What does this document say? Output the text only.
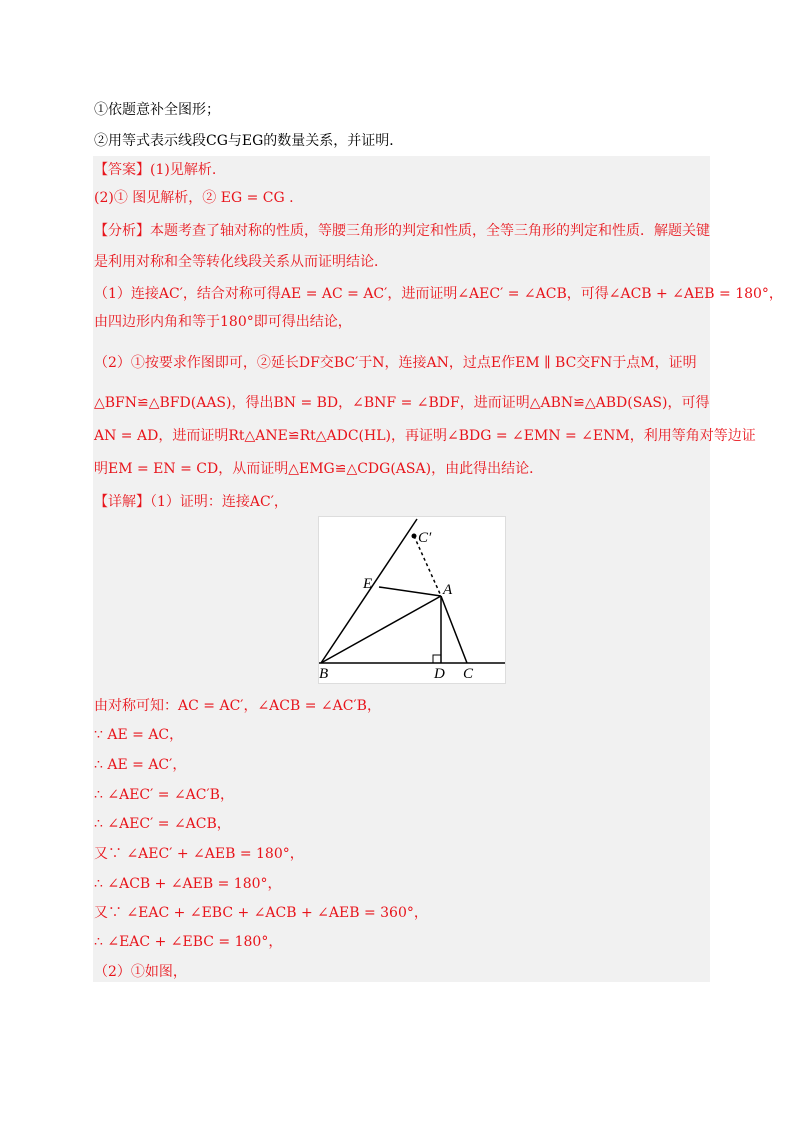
①依题意补全图形；
②用等式表示线段CG与EG的数量关系，并证明．
【答案】(1)见解析.
(2)① 图见解析，② EG = CG .
【分析】本题考查了轴对称的性质，等腰三角形的判定和性质，全等三角形的判定和性质．解题关键
是利用对称和全等转化线段关系从而证明结论．
（1）连接AC′，结合对称可得AE = AC = AC′，进而证明∠AEC′ = ∠ACB，可得∠ACB + ∠AEB = 180°，
由四边形内角和等于180°即可得出结论，
（2）①按要求作图即可，②延长DF交BC′于N，连接AN，过点E作EM ∥ BC交FN于点M，证明
△BFN≌△BFD(AAS)，得出BN = BD，∠BNF = ∠BDF，进而证明△ABN≌△ABD(SAS)，可得
AN = AD，进而证明Rt△ANE≌Rt△ADC(HL)，再证明∠BDG = ∠EMN = ∠ENM，利用等角对等边证
明EM = EN = CD，从而证明△EMG≌△CDG(ASA)，由此得出结论．
【详解】（1）证明：连接AC′，
C′
E	A
B	D C
由对称可知：AC = AC′，∠ACB = ∠AC′B，
∵ AE = AC，
∴ AE = AC′，
∴ ∠AEC′ = ∠AC′B，
∴ ∠AEC′ = ∠ACB，
又∵ ∠AEC′ + ∠AEB = 180°，
∴ ∠ACB + ∠AEB = 180°，
又∵ ∠EAC + ∠EBC + ∠ACB + ∠AEB = 360°，
∴ ∠EAC + ∠EBC = 180°，
（2）①如图，
